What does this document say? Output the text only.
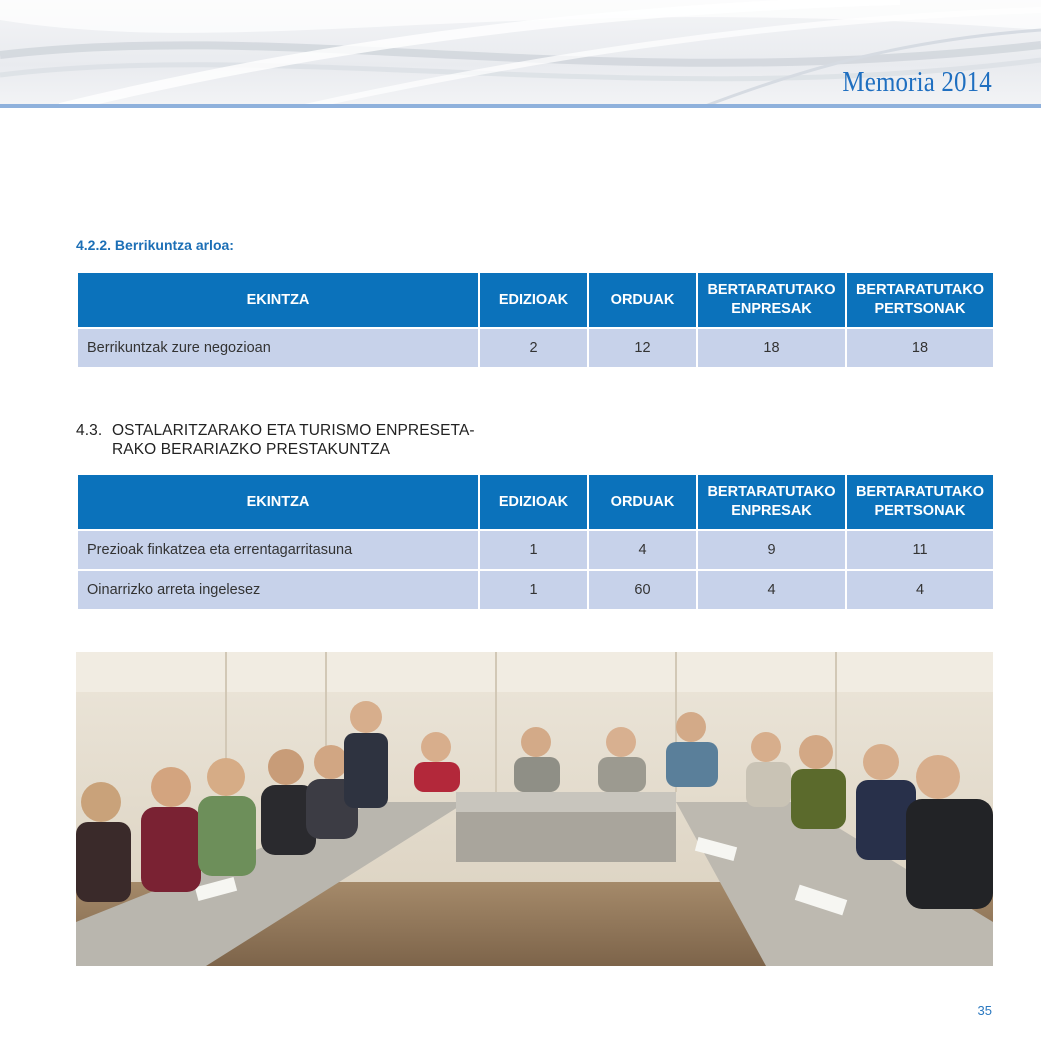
Memoria 2014
4.2.2. Berrikuntza arloa:
EKINTZA	EDIZIOAK	ORDUAK	BERTARATUTAKO ENPRESAK	BERTARATUTAKO PERTSONAK
Berrikuntzak zure negozioan	2	12	18	18
4.3. OSTALARITZARAKO ETA TURISMO ENPRESETA-
RAKO BERARIAZKO PRESTAKUNTZA
EKINTZA	EDIZIOAK	ORDUAK	BERTARATUTAKO ENPRESAK	BERTARATUTAKO PERTSONAK
Prezioak finkatzea eta errentagarritasuna	1	4	9	11
Oinarrizko arreta ingelesez	1	60	4	4
35
